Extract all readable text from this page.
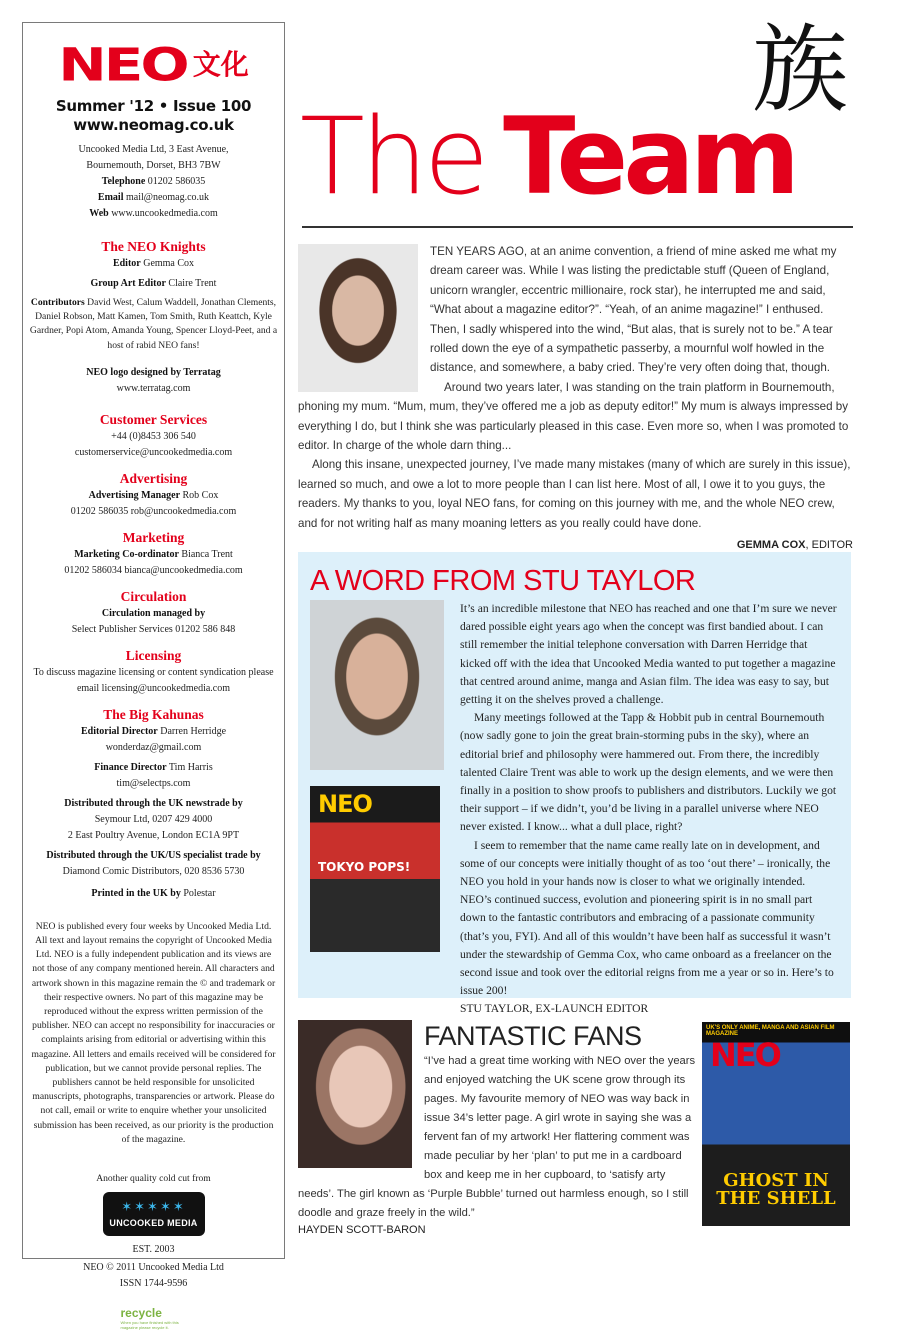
NEO 文化
Summer '12 • Issue 100
www.neomag.co.uk
Uncooked Media Ltd, 3 East Avenue,
Bournemouth, Dorset, BH3 7BW
Telephone 01202 586035
Email mail@neomag.co.uk
Web www.uncookedmedia.com
The NEO Knights
Editor Gemma Cox
Group Art Editor Claire Trent
Contributors David West, Calum Waddell, Jonathan Clements, Daniel Robson, Matt Kamen, Tom Smith, Ruth Keattch, Kyle Gardner, Popi Atom, Amanda Young, Spencer Lloyd-Peet, and a host of rabid NEO fans!
NEO logo designed by Terratag
www.terratag.com
Customer Services
+44 (0)8453 306 540
customerservice@uncookedmedia.com
Advertising
Advertising Manager Rob Cox
01202 586035 rob@uncookedmedia.com
Marketing
Marketing Co-ordinator Bianca Trent
01202 586034 bianca@uncookedmedia.com
Circulation
Circulation managed by
Select Publisher Services 01202 586 848
Licensing
To discuss magazine licensing or content syndication please email licensing@uncookedmedia.com
The Big Kahunas
Editorial Director Darren Herridge
wonderdaz@gmail.com
Finance Director Tim Harris
tim@selectps.com
Distributed through the UK newstrade by
Seymour Ltd, 0207 429 4000
2 East Poultry Avenue, London EC1A 9PT
Distributed through the UK/US specialist trade by
Diamond Comic Distributors, 020 8536 5730
Printed in the UK by Polestar
NEO is published every four weeks by Uncooked Media Ltd. All text and layout remains the copyright of Uncooked Media Ltd. NEO is a fully independent publication and its views are not those of any company mentioned herein. All characters and artwork shown in this magazine remain the © and trademark or their respective owners. No part of this magazine may be reproduced without the express written permission of the publisher. NEO can accept no responsibility for inaccuracies or complaints arising from editorial or advertising within this magazine. All letters and emails received will be considered for publication, but we cannot provide personal replies. The publishers cannot be held responsible for unsolicited manuscripts, photographs, transparencies or artwork. Please do not call, email or write to enquire whether your unsolicited submission has been received, as our priority is the production of the magazine.
Another quality cold cut from
✶✶✶✶✶
UNCOOKED MEDIA
EST. 2003
NEO © 2011 Uncooked Media Ltd
ISSN 1744-9596
recycle
When you have finished with this magazine please recycle it.
族
The Team

TEN YEARS AGO, at an anime convention, a friend of mine asked me what my dream career was. While I was listing the predictable stuff (Queen of England, unicorn wrangler, eccentric millionaire, rock star), he interrupted me and said, “What about a magazine editor?”. “Yeah, of an anime magazine!” I enthused. Then, I sadly whispered into the wind, “But alas, that is surely not to be.” A tear rolled down the eye of a sympathetic passerby, a mournful wolf howled in the distance, and somewhere, a baby cried. They’re very often doing that, though.

Around two years later, I was standing on the train platform in Bournemouth, phoning my mum. “Mum, mum, they’ve offered me a job as deputy editor!” My mum is always impressed by everything I do, but I think she was particularly pleased in this case. Even more so, when I was promoted to editor. In charge of the whole darn thing...

Along this insane, unexpected journey, I’ve made many mistakes (many of which are surely in this issue), learned so much, and owe a lot to more people than I can list here. Most of all, I owe it to you guys, the readers. My thanks to you, loyal NEO fans, for coming on this journey with me, and the whole NEO crew, and for not writing half as many moaning letters as you really could have done.

GEMMA COX, EDITOR
A WORD FROM STU TAYLOR
NEO
TOKYO POPS!

It’s an incredible milestone that NEO has reached and one that I’m sure we never dared possible eight years ago when the concept was first bandied about. I can still remember the initial telephone conversation with Darren Herridge that kicked off with the idea that Uncooked Media wanted to put together a magazine that centred around anime, manga and Asian film. The idea was easy to say, but getting it on the shelves proved a challenge.

Many meetings followed at the Tapp & Hobbit pub in central Bournemouth (now sadly gone to join the great brain-storming pubs in the sky), where an editorial brief and philosophy were hammered out. From there, the incredibly talented Claire Trent was able to work up the design elements, and we were then finally in a position to show proofs to publishers and distributors. Luckily we got their support – if we didn’t, you’d be living in a parallel universe where NEO never existed. I know... what a dull place, right?

I seem to remember that the name came really late on in development, and some of our concepts were initially thought of as too ‘out there’ – ironically, the NEO you hold in your hands now is closer to what we originally intended. NEO’s continued success, evolution and pioneering spirit is in no small part down to the fantastic contributors and embracing of a passionate community (that’s you, FYI). And all of this wouldn’t have been half as successful it wasn’t under the stewardship of Gemma Cox, who came onboard as a freelancer on the second issue and took over the editorial reigns from me a year or so in. Here’s to issue 200!

STU TAYLOR, EX-LAUNCH EDITOR
FANTASTIC FANS
“I’ve had a great time working with NEO over the years and enjoyed watching the UK scene grow through its pages. My favourite memory of NEO was way back in issue 34’s letter page. A girl wrote in saying she was a fervent fan of my artwork! Her flattering comment was made peculiar by her ‘plan’ to put me in a cardboard box and keep me in her cupboard, to ‘satisfy arty needs’. The girl known as ‘Purple Bubble’ turned out harmless enough, so I still doodle and graze freely in the wild.”
HAYDEN SCOTT-BARON
UK'S ONLY ANIME, MANGA AND ASIAN FILM MAGAZINE
NEO
GHOST IN THE SHELL
